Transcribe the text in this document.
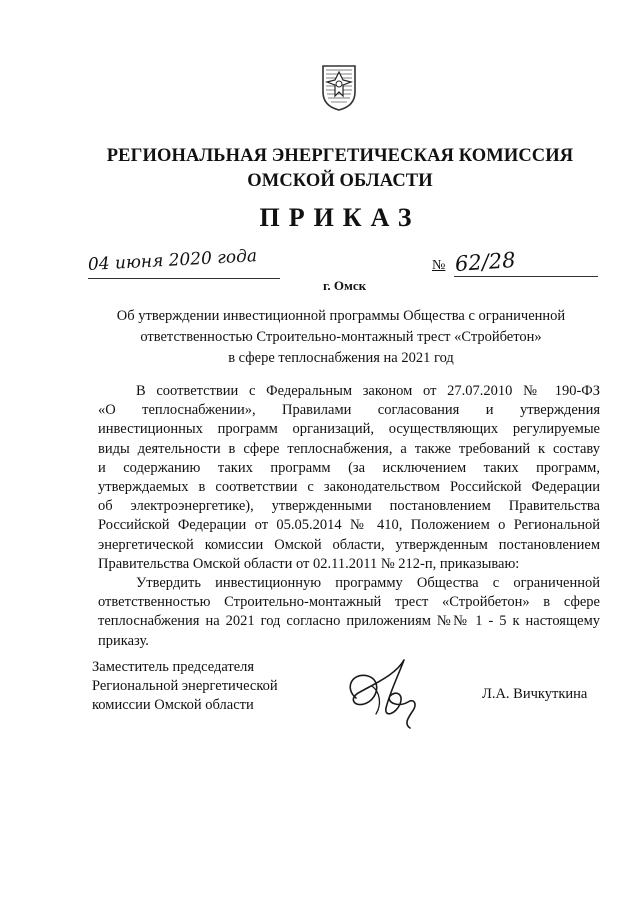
РЕГИОНАЛЬНАЯ ЭНЕРГЕТИЧЕСКАЯ КОМИССИЯ
ОМСКОЙ ОБЛАСТИ
ПРИКАЗ
04 июня 2020 года
г. Омск
№ 62/28
Об утверждении инвестиционной программы Общества с ограниченной
ответственностью Строительно-монтажный трест «Стройбетон»
в сфере теплоснабжения на 2021 год
В соответствии с Федеральным законом от 27.07.2010 № 190-ФЗ
«О теплоснабжении», Правилами согласования и утверждения
инвестиционных программ организаций, осуществляющих регулируемые
виды деятельности в сфере теплоснабжения, а также требований к составу
и содержанию таких программ (за исключением таких программ,
утверждаемых в соответствии с законодательством Российской Федерации
об электроэнергетике), утвержденными постановлением Правительства
Российской Федерации от 05.05.2014 № 410, Положением о Региональной
энергетической комиссии Омской области, утвержденным постановлением
Правительства Омской области от 02.11.2011 № 212-п, приказываю:
Утвердить инвестиционную программу Общества с ограниченной
ответственностью Строительно-монтажный трест «Стройбетон» в сфере
теплоснабжения на 2021 год согласно приложениям №№ 1 - 5 к настоящему
приказу.
Заместитель председателя
Региональной энергетической
комиссии Омской области
Л.А. Вичкуткина
